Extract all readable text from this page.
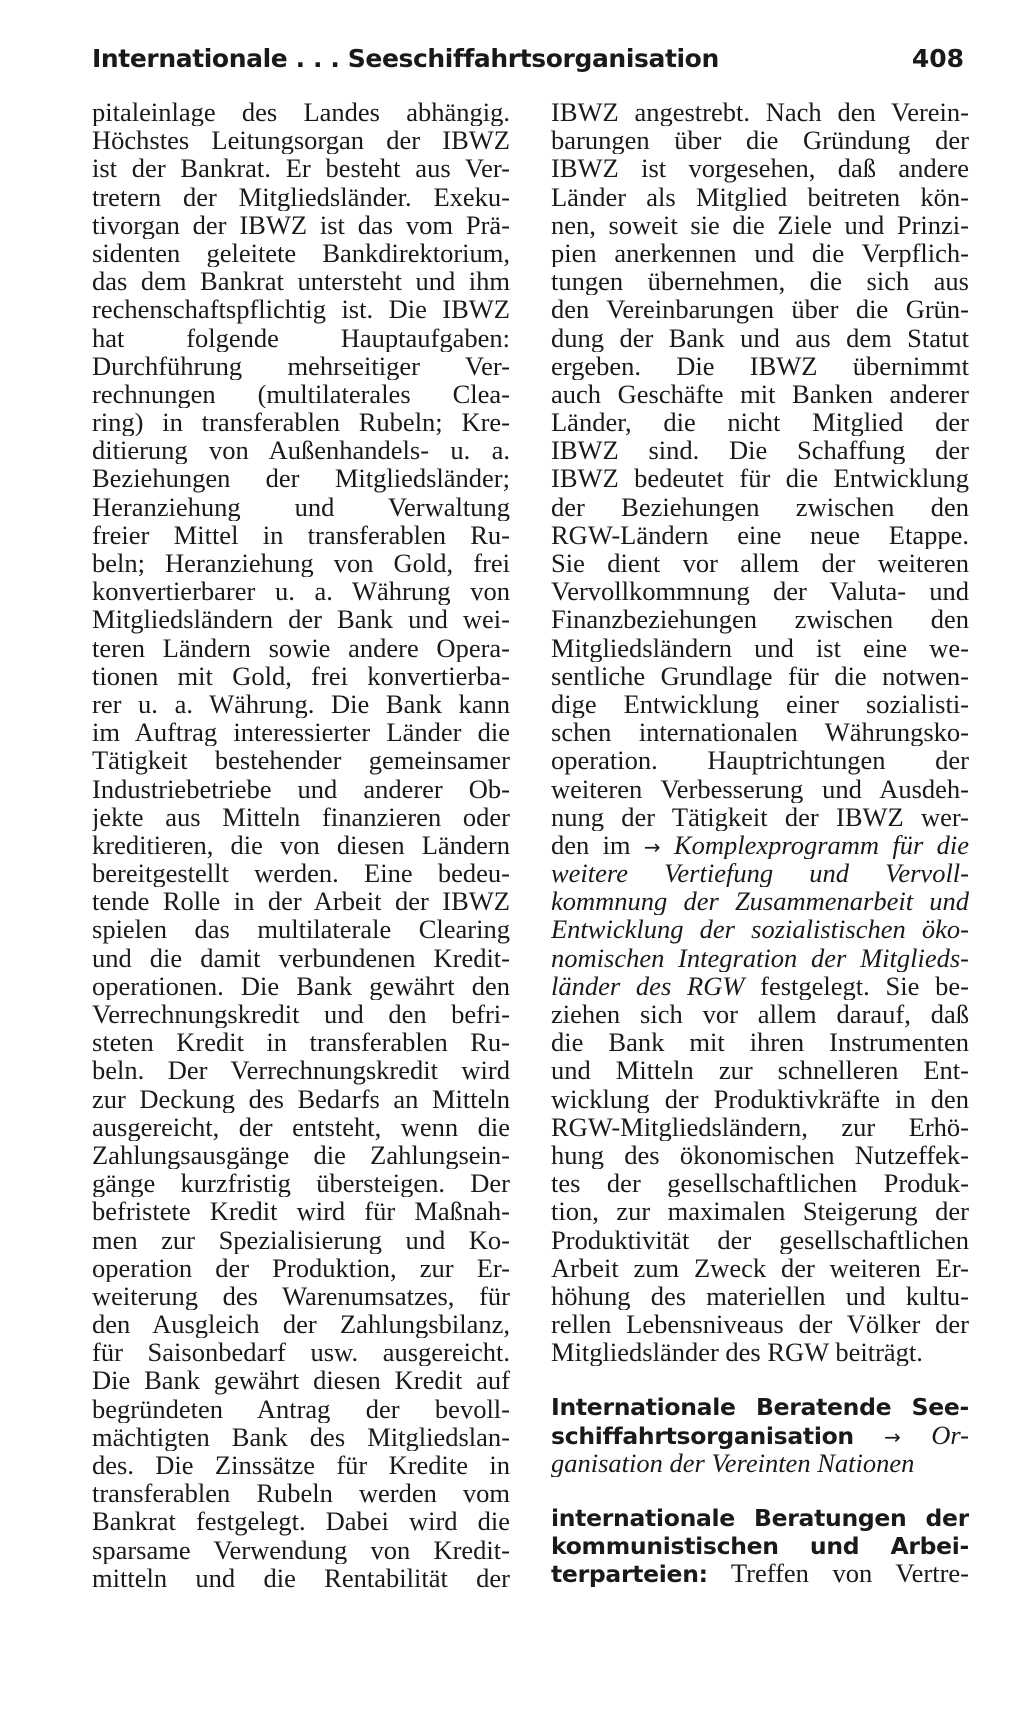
Internationale . . . Seeschiffahrtsorganisation	408
pitaleinlage des Landes abhängig.
Höchstes Leitungsorgan der IBWZ
ist der Bankrat. Er besteht aus Ver-
tretern der Mitgliedsländer. Exeku-
tivorgan der IBWZ ist das vom Prä-
sidenten geleitete Bankdirektorium,
das dem Bankrat untersteht und ihm
rechenschaftspflichtig ist. Die IBWZ
hat folgende Hauptaufgaben:
Durchführung mehrseitiger Ver-
rechnungen (multilaterales Clea-
ring) in transferablen Rubeln; Kre-
ditierung von Außenhandels- u. a.
Beziehungen der Mitgliedsländer;
Heranziehung und Verwaltung
freier Mittel in transferablen Ru-
beln; Heranziehung von Gold, frei
konvertierbarer u. a. Währung von
Mitgliedsländern der Bank und wei-
teren Ländern sowie andere Opera-
tionen mit Gold, frei konvertierba-
rer u. a. Währung. Die Bank kann
im Auftrag interessierter Länder die
Tätigkeit bestehender gemeinsamer
Industriebetriebe und anderer Ob-
jekte aus Mitteln finanzieren oder
kreditieren, die von diesen Ländern
bereitgestellt werden. Eine bedeu-
tende Rolle in der Arbeit der IBWZ
spielen das multilaterale Clearing
und die damit verbundenen Kredit-
operationen. Die Bank gewährt den
Verrechnungskredit und den befri-
steten Kredit in transferablen Ru-
beln. Der Verrechnungskredit wird
zur Deckung des Bedarfs an Mitteln
ausgereicht, der entsteht, wenn die
Zahlungsausgänge die Zahlungsein-
gänge kurzfristig übersteigen. Der
befristete Kredit wird für Maßnah-
men zur Spezialisierung und Ko-
operation der Produktion, zur Er-
weiterung des Warenumsatzes, für
den Ausgleich der Zahlungsbilanz,
für Saisonbedarf usw. ausgereicht.
Die Bank gewährt diesen Kredit auf
begründeten Antrag der bevoll-
mächtigten Bank des Mitgliedslan-
des. Die Zinssätze für Kredite in
transferablen Rubeln werden vom
Bankrat festgelegt. Dabei wird die
sparsame Verwendung von Kredit-
mitteln und die Rentabilität der
IBWZ angestrebt. Nach den Verein-
barungen über die Gründung der
IBWZ ist vorgesehen, daß andere
Länder als Mitglied beitreten kön-
nen, soweit sie die Ziele und Prinzi-
pien anerkennen und die Verpflich-
tungen übernehmen, die sich aus
den Vereinbarungen über die Grün-
dung der Bank und aus dem Statut
ergeben. Die IBWZ übernimmt
auch Geschäfte mit Banken anderer
Länder, die nicht Mitglied der
IBWZ sind. Die Schaffung der
IBWZ bedeutet für die Entwicklung
der Beziehungen zwischen den
RGW-Ländern eine neue Etappe.
Sie dient vor allem der weiteren
Vervollkommnung der Valuta- und
Finanzbeziehungen zwischen den
Mitgliedsländern und ist eine we-
sentliche Grundlage für die notwen-
dige Entwicklung einer sozialisti-
schen internationalen Währungsko-
operation. Hauptrichtungen der
weiteren Verbesserung und Ausdeh-
nung der Tätigkeit der IBWZ wer-
den im → Komplexprogramm für die
weitere Vertiefung und Vervoll-
kommnung der Zusammenarbeit und
Entwicklung der sozialistischen öko-
nomischen Integration der Mitglieds-
länder des RGW festgelegt. Sie be-
ziehen sich vor allem darauf, daß
die Bank mit ihren Instrumenten
und Mitteln zur schnelleren Ent-
wicklung der Produktivkräfte in den
RGW-Mitgliedsländern, zur Erhö-
hung des ökonomischen Nutzeffek-
tes der gesellschaftlichen Produk-
tion, zur maximalen Steigerung der
Produktivität der gesellschaftlichen
Arbeit zum Zweck der weiteren Er-
höhung des materiellen und kultu-
rellen Lebensniveaus der Völker der
Mitgliedsländer des RGW beiträgt.
Internationale Beratende See-
schiffahrtsorganisation → Or-
ganisation der Vereinten Nationen
internationale Beratungen der
kommunistischen und Arbei-
terparteien: Treffen von Vertre-
